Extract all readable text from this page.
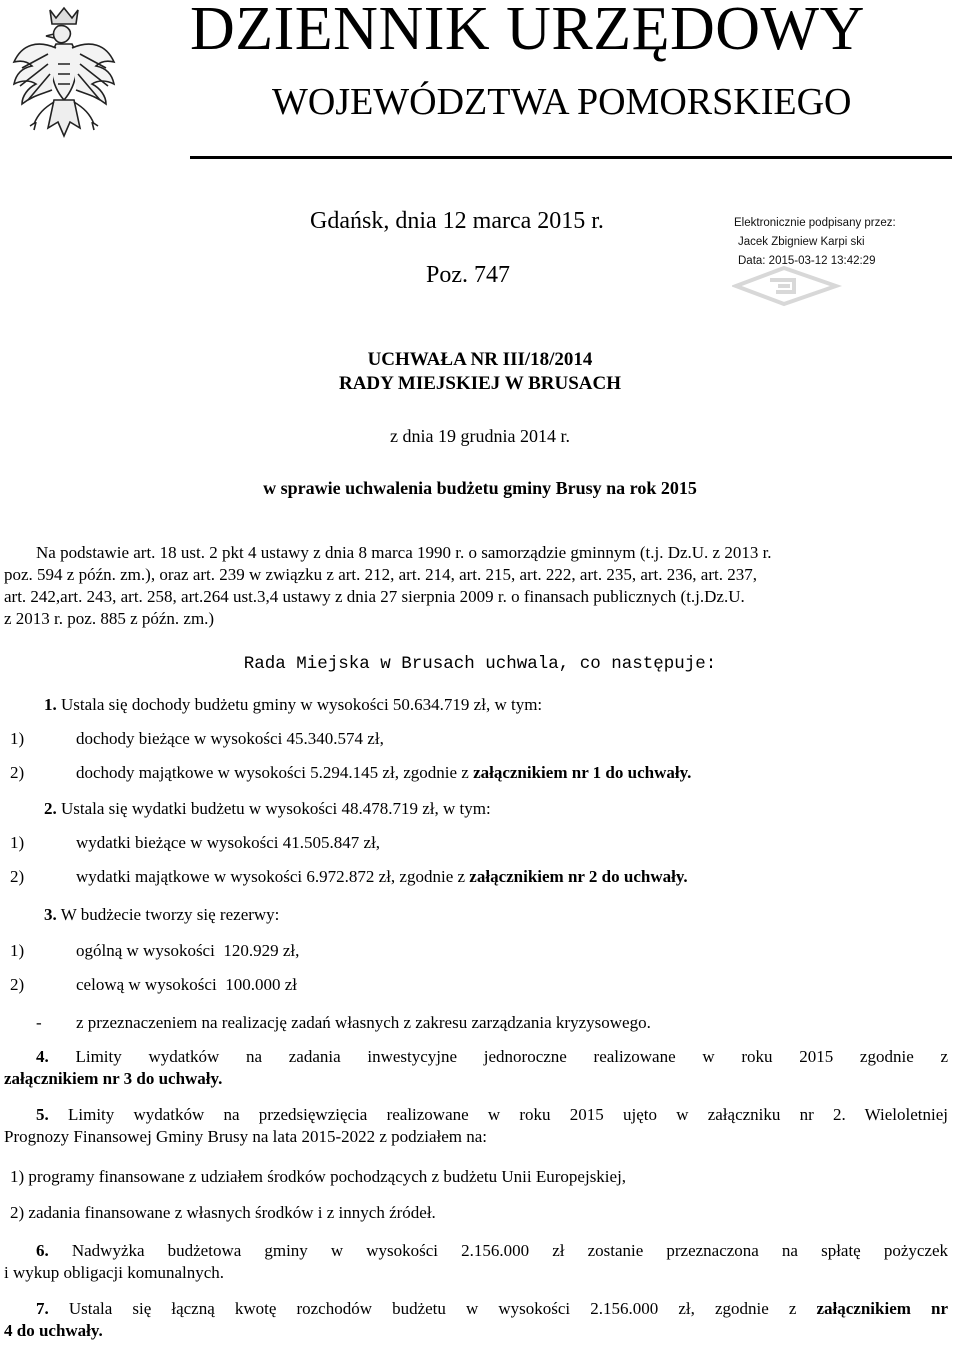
DZIENNIK URZĘDOWY
WOJEWÓDZTWA POMORSKIEGO
Gdańsk, dnia 12 marca 2015 r.
Poz. 747
Elektronicznie podpisany przez:
Jacek Zbigniew Karpi ski
Data: 2015-03-12 13:42:29
UCHWAŁA NR III/18/2014
RADY MIEJSKIEJ W BRUSACH
z dnia 19 grudnia 2014 r.
w sprawie uchwalenia budżetu gminy Brusy na rok 2015

Na podstawie art. 18 ust. 2 pkt 4 ustawy z dnia 8 marca 1990 r. o samorządzie gminnym (t.j. Dz.U. z 2013 r.

poz. 594 z późn. zm.), oraz art. 239 w związku z art. 212, art. 214, art. 215, art. 222, art. 235, art. 236, art. 237,

art. 242,art. 243, art. 258, art.264 ust.3,4 ustawy z dnia 27 sierpnia 2009 r. o finansach publicznych (t.j.Dz.U.

z 2013 r. poz. 885 z późn. zm.)

Rada Miejska w Brusach uchwala, co następuje:
1. Ustala się dochody budżetu gminy w wysokości 50.634.719 zł, w tym:
1)	dochody bieżące w wysokości 45.340.574 zł,
2)	dochody majątkowe w wysokości 5.294.145 zł, zgodnie z załącznikiem nr 1 do uchwały.
2. Ustala się wydatki budżetu w wysokości 48.478.719 zł, w tym:
1)	wydatki bieżące w wysokości 41.505.847 zł,
2)	wydatki majątkowe w wysokości 6.972.872 zł, zgodnie z załącznikiem nr 2 do uchwały.
3. W budżecie tworzy się rezerwy:
1)	ogólną w wysokości  120.929 zł,
2)	celową w wysokości  100.000 zł
- z przeznaczeniem na realizację zadań własnych z zakresu zarządzania kryzysowego.

4. Limity wydatków na zadania inwestycyjne jednoroczne realizowane w roku 2015 zgodnie z

załącznikiem nr 3 do uchwały.

5. Limity wydatków na przedsięwzięcia realizowane w roku 2015 ujęto w załączniku nr 2. Wieloletniej

Prognozy Finansowej Gminy Brusy na lata 2015-2022 z podziałem na:

1) programy finansowane z udziałem środków pochodzących z budżetu Unii Europejskiej,
2) zadania finansowane z własnych środków i z innych źródeł.

6. Nadwyżka budżetowa gminy w wysokości 2.156.000 zł zostanie przeznaczona na spłatę pożyczek

i wykup obligacji komunalnych.

7. Ustala się łączną kwotę rozchodów budżetu w wysokości 2.156.000 zł, zgodnie z załącznikiem nr

4 do uchwały.
